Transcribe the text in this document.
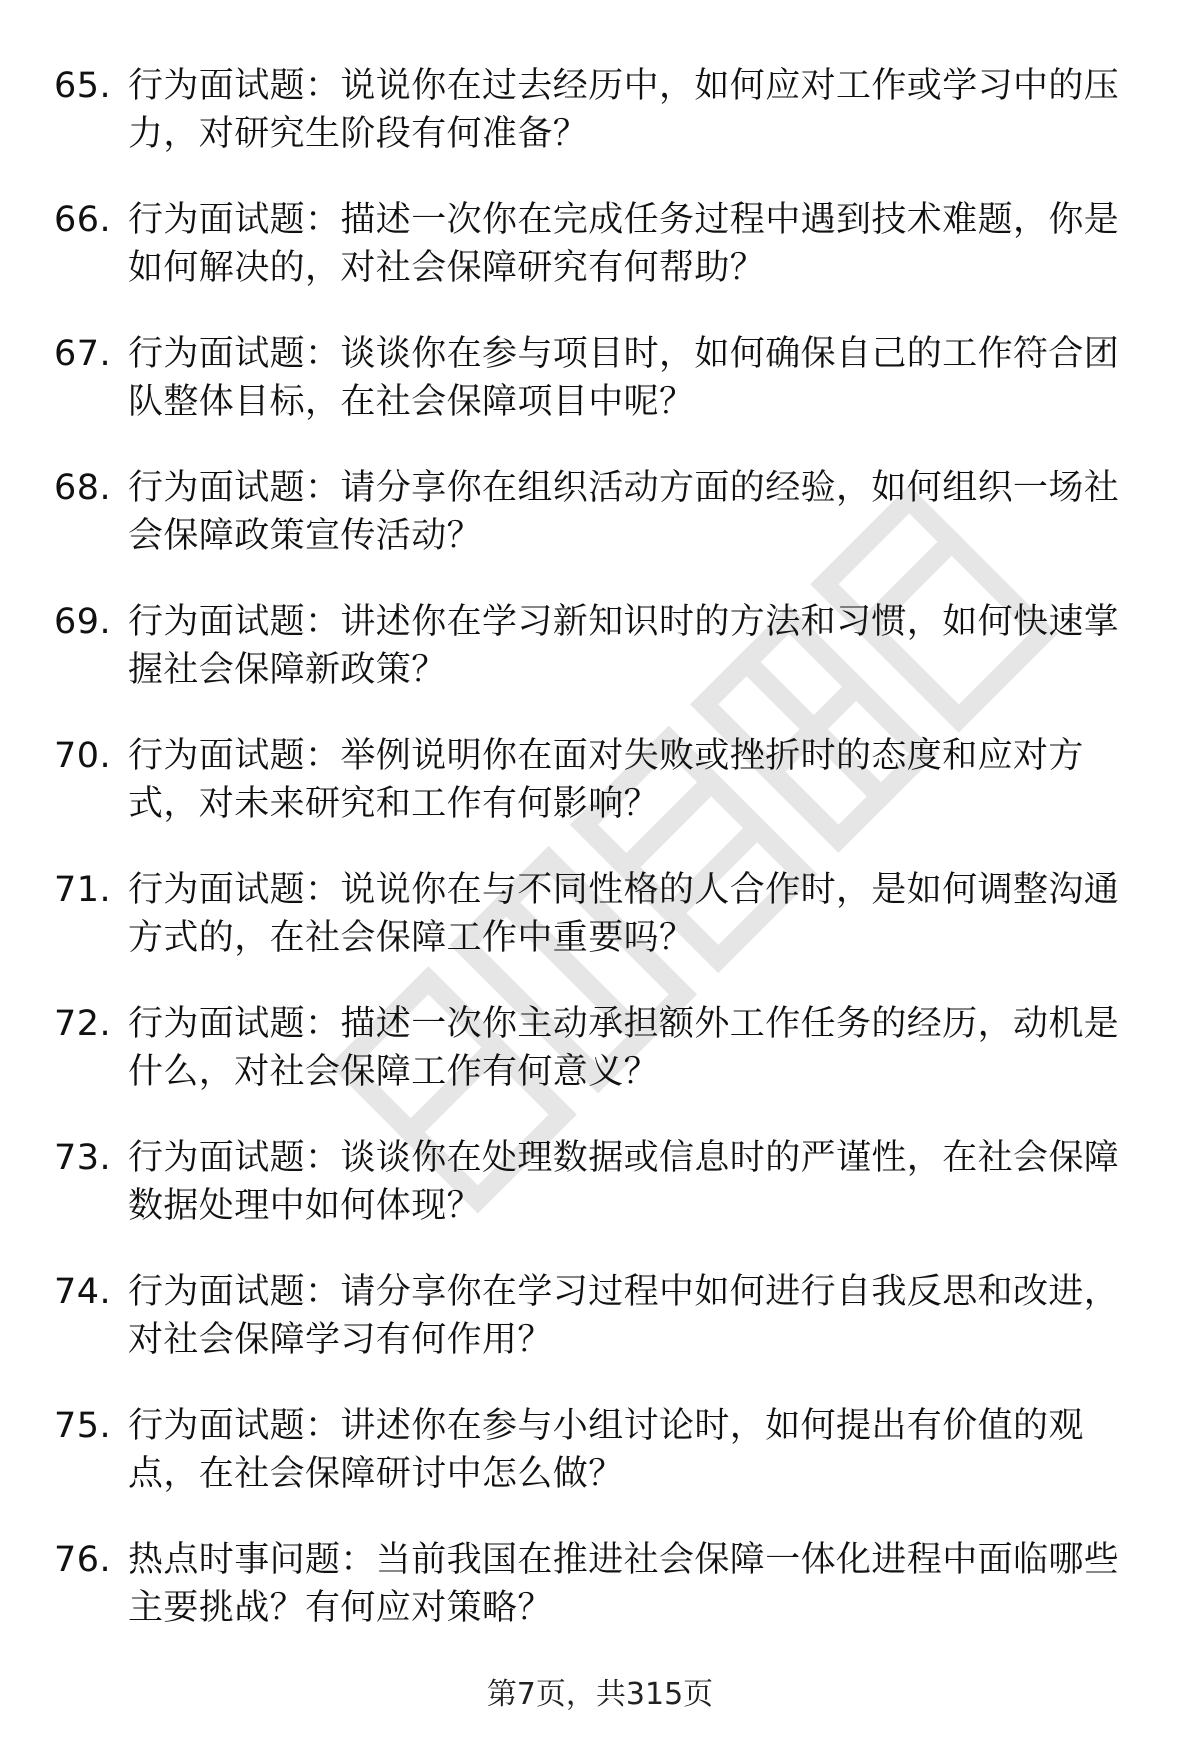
65. 行为面试题：说说你在过去经历中，如何应对工作或学习中的压力，对研究生阶段有何准备？
66. 行为面试题：描述一次你在完成任务过程中遇到技术难题，你是如何解决的，对社会保障研究有何帮助？
67. 行为面试题：谈谈你在参与项目时，如何确保自己的工作符合团队整体目标，在社会保障项目中呢？
68. 行为面试题：请分享你在组织活动方面的经验，如何组织一场社会保障政策宣传活动？
69. 行为面试题：讲述你在学习新知识时的方法和习惯，如何快速掌握社会保障新政策？
70. 行为面试题：举例说明你在面对失败或挫折时的态度和应对方式，对未来研究和工作有何影响？
71. 行为面试题：说说你在与不同性格的人合作时，是如何调整沟通方式的，在社会保障工作中重要吗？
72. 行为面试题：描述一次你主动承担额外工作任务的经历，动机是什么，对社会保障工作有何意义？
73. 行为面试题：谈谈你在处理数据或信息时的严谨性，在社会保障数据处理中如何体现？
74. 行为面试题：请分享你在学习过程中如何进行自我反思和改进，对社会保障学习有何作用？
75. 行为面试题：讲述你在参与小组讨论时，如何提出有价值的观点，在社会保障研讨中怎么做？
76. 热点时事问题：当前我国在推进社会保障一体化进程中面临哪些主要挑战？有何应对策略？
第7页，共315页
